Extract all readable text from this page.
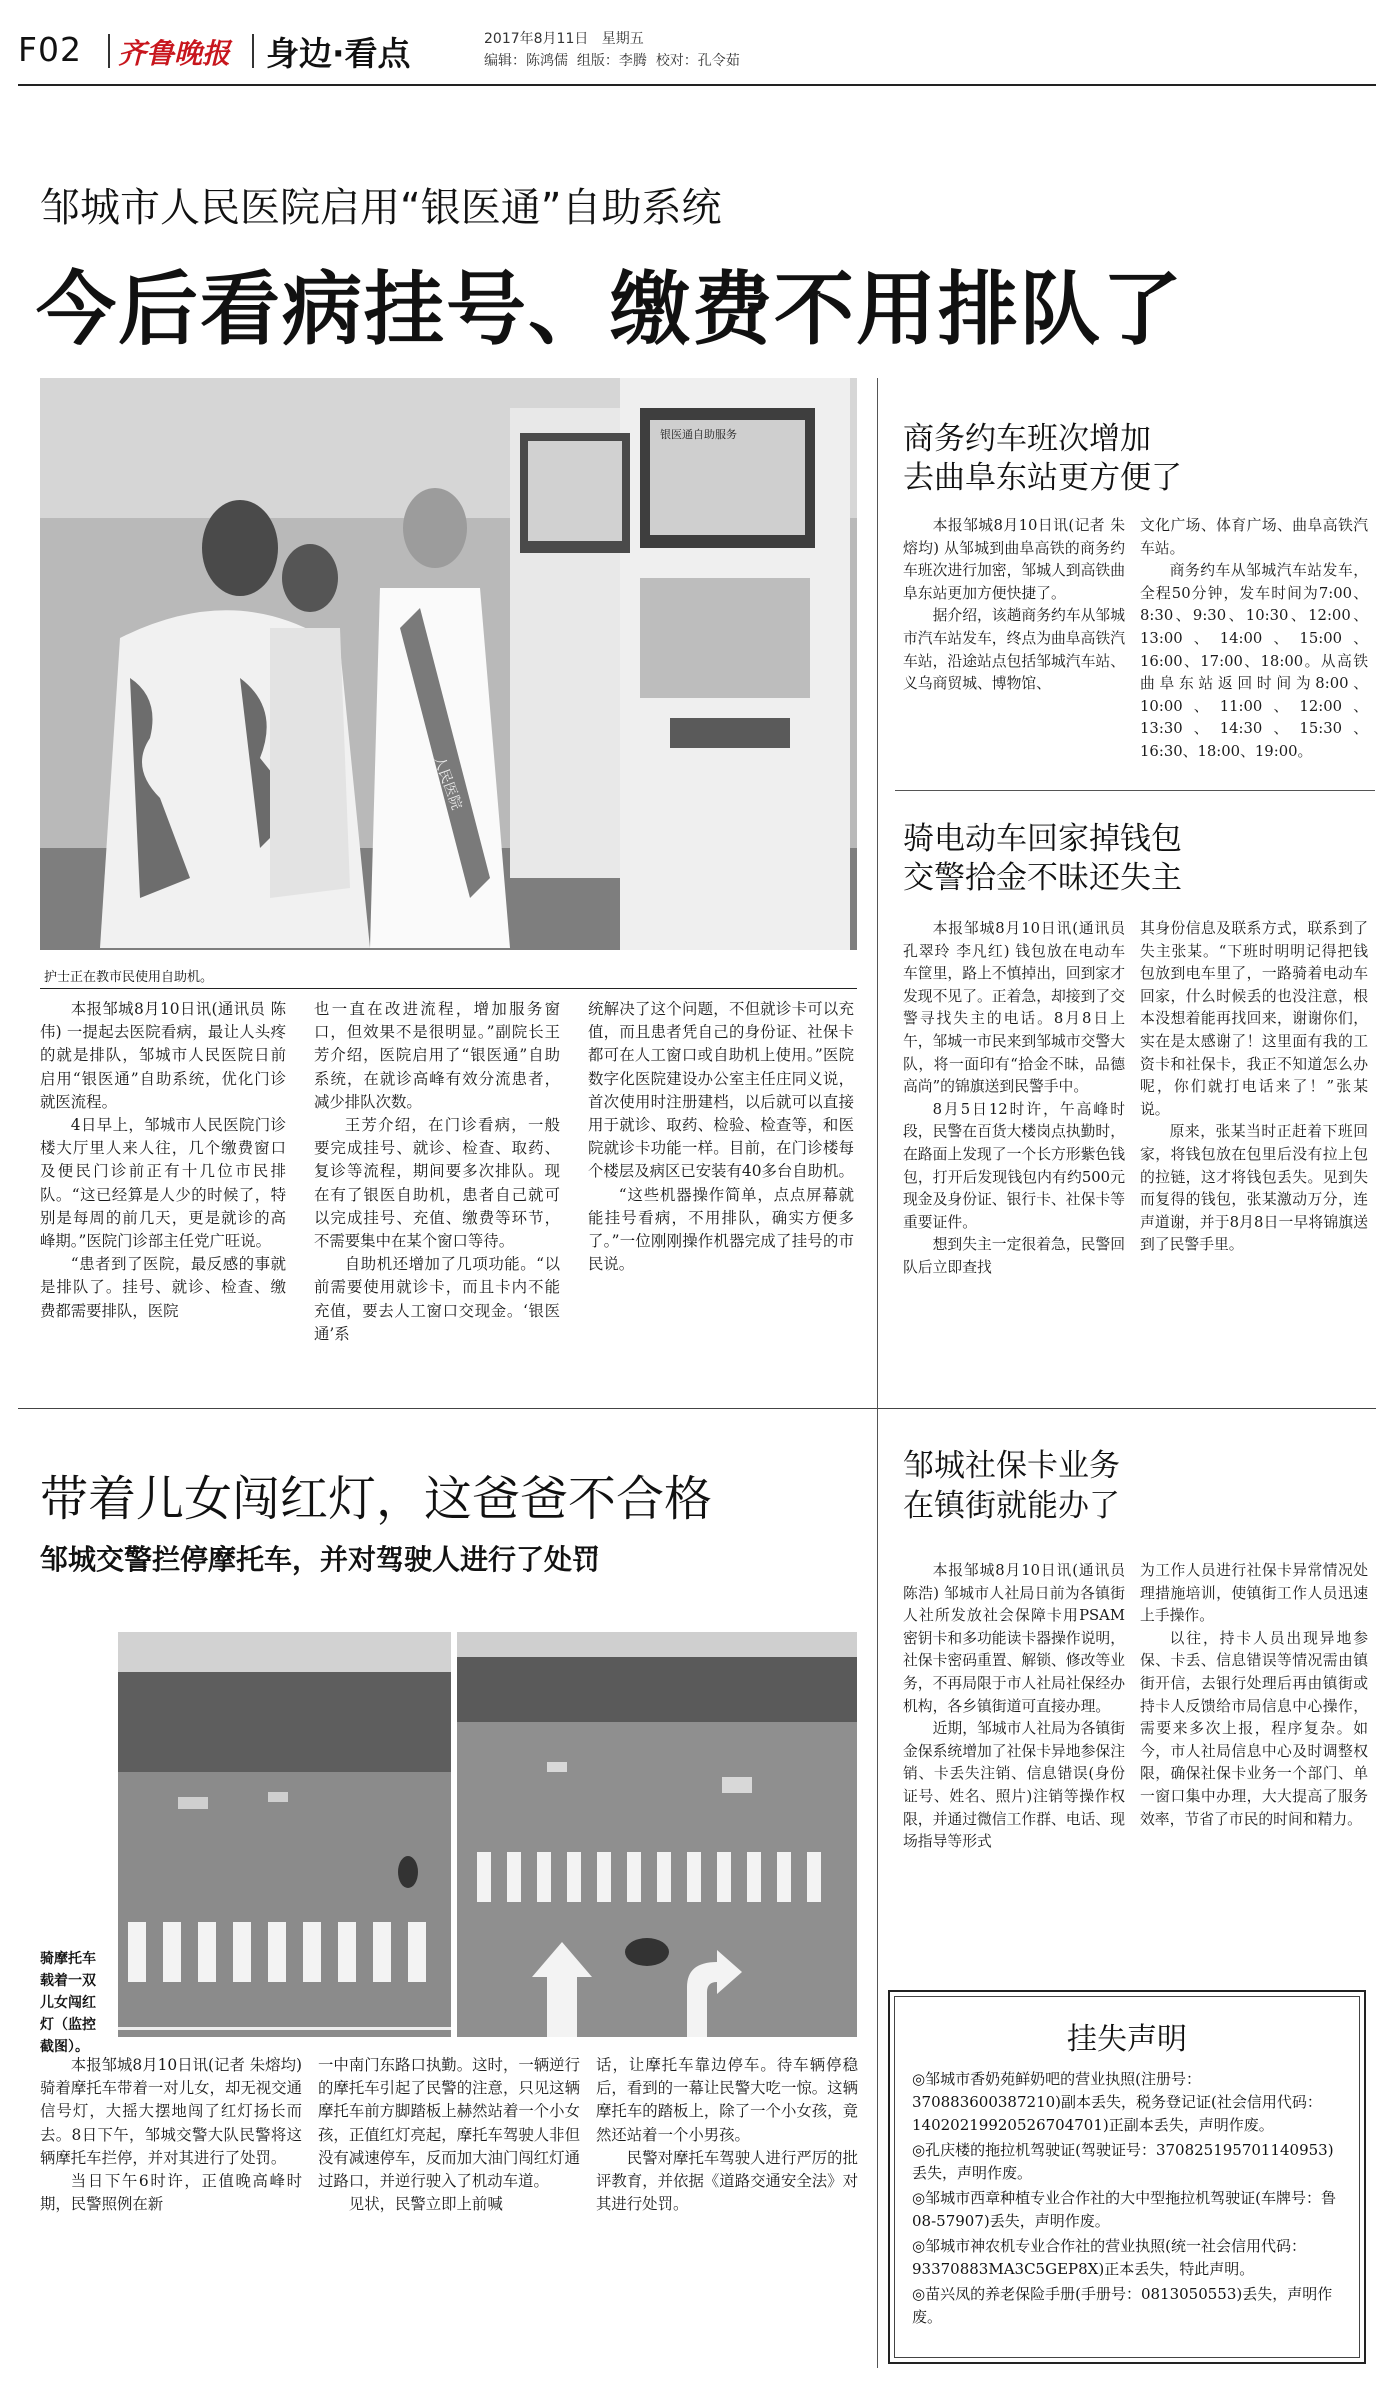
F02 齐鲁晚报 身边·看点	2017年8月11日 星期五
编辑：陈鸿儒 组版：李腾 校对：孔令茹
邹城市人民医院启用“银医通”自助系统
今后看病挂号、缴费不用排队了
银医通自助服务
人民医院
护士正在教市民使用自助机。

本报邹城8月10日讯(通讯员 陈伟) 一提起去医院看病，最让人头疼的就是排队，邹城市人民医院日前启用“银医通”自助系统，优化门诊就医流程。

4日早上，邹城市人民医院门诊楼大厅里人来人往，几个缴费窗口及便民门诊前正有十几位市民排队。“这已经算是人少的时候了，特别是每周的前几天，更是就诊的高峰期。”医院门诊部主任党广旺说。

“患者到了医院，最反感的事就是排队了。挂号、就诊、检查、缴费都需要排队，医院

也一直在改进流程，增加服务窗口，但效果不是很明显。”副院长王芳介绍，医院启用了“银医通”自助系统，在就诊高峰有效分流患者，减少排队次数。

王芳介绍，在门诊看病，一般要完成挂号、就诊、检查、取药、复诊等流程，期间要多次排队。现在有了银医自助机，患者自己就可以完成挂号、充值、缴费等环节，不需要集中在某个窗口等待。

自助机还增加了几项功能。“以前需要使用就诊卡，而且卡内不能充值，要去人工窗口交现金。‘银医通’系

统解决了这个问题，不但就诊卡可以充值，而且患者凭自己的身份证、社保卡都可在人工窗口或自助机上使用。”医院数字化医院建设办公室主任庄同义说，首次使用时注册建档，以后就可以直接用于就诊、取药、检验、检查等，和医院就诊卡功能一样。目前，在门诊楼每个楼层及病区已安装有40多台自助机。

“这些机器操作简单，点点屏幕就能挂号看病，不用排队，确实方便多了。”一位刚刚操作机器完成了挂号的市民说。

商务约车班次增加
去曲阜东站更方便了

本报邹城8月10日讯(记者 朱熔均) 从邹城到曲阜高铁的商务约车班次进行加密，邹城人到高铁曲阜东站更加方便快捷了。

据介绍，该趟商务约车从邹城市汽车站发车，终点为曲阜高铁汽车站，沿途站点包括邹城汽车站、义乌商贸城、博物馆、

文化广场、体育广场、曲阜高铁汽车站。

商务约车从邹城汽车站发车，全程50分钟，发车时间为7:00、8:30、9:30、10:30、12:00、13:00、14:00、15:00、16:00、17:00、18:00。从高铁曲阜东站返回时间为8:00、10:00、11:00、12:00、13:30、14:30、15:30、16:30、18:00、19:00。

骑电动车回家掉钱包
交警拾金不昧还失主

本报邹城8月10日讯(通讯员 孔翠玲 李凡红) 钱包放在电动车车筐里，路上不慎掉出，回到家才发现不见了。正着急，却接到了交警寻找失主的电话。8月8日上午，邹城一市民来到邹城市交警大队，将一面印有“拾金不昧，品德高尚”的锦旗送到民警手中。

8月5日12时许，午高峰时段，民警在百货大楼岗点执勤时，在路面上发现了一个长方形紫色钱包，打开后发现钱包内有约500元现金及身份证、银行卡、社保卡等重要证件。

想到失主一定很着急，民警回队后立即查找

其身份信息及联系方式，联系到了失主张某。“下班时明明记得把钱包放到电车里了，一路骑着电动车回家，什么时候丢的也没注意，根本没想着能再找回来，谢谢你们，实在是太感谢了！这里面有我的工资卡和社保卡，我正不知道怎么办呢，你们就打电话来了！”张某说。

原来，张某当时正赶着下班回家，将钱包放在包里后没有拉上包的拉链，这才将钱包丢失。见到失而复得的钱包，张某激动万分，连声道谢，并于8月8日一早将锦旗送到了民警手里。

带着儿女闯红灯，这爸爸不合格
邹城交警拦停摩托车，并对驾驶人进行了处罚
骑摩托车载着一双儿女闯红灯（监控截图）。

本报邹城8月10日讯(记者 朱熔均) 骑着摩托车带着一对儿女，却无视交通信号灯，大摇大摆地闯了红灯扬长而去。8日下午，邹城交警大队民警将这辆摩托车拦停，并对其进行了处罚。

当日下午6时许，正值晚高峰时期，民警照例在新

一中南门东路口执勤。这时，一辆逆行的摩托车引起了民警的注意，只见这辆摩托车前方脚踏板上赫然站着一个小女孩，正值红灯亮起，摩托车驾驶人非但没有减速停车，反而加大油门闯红灯通过路口，并逆行驶入了机动车道。

见状，民警立即上前喊

话，让摩托车靠边停车。待车辆停稳后，看到的一幕让民警大吃一惊。这辆摩托车的踏板上，除了一个小女孩，竟然还站着一个小男孩。

民警对摩托车驾驶人进行严厉的批评教育，并依据《道路交通安全法》对其进行处罚。

邹城社保卡业务
在镇街就能办了

本报邹城8月10日讯(通讯员 陈浩) 邹城市人社局日前为各镇街人社所发放社会保障卡用PSAM密钥卡和多功能读卡器操作说明，社保卡密码重置、解锁、修改等业务，不再局限于市人社局社保经办机构，各乡镇街道可直接办理。

近期，邹城市人社局为各镇街金保系统增加了社保卡异地参保注销、卡丢失注销、信息错误(身份证号、姓名、照片)注销等操作权限，并通过微信工作群、电话、现场指导等形式

为工作人员进行社保卡异常情况处理措施培训，使镇街工作人员迅速上手操作。

以往，持卡人员出现异地参保、卡丢、信息错误等情况需由镇街开信，去银行处理后再由镇街或持卡人反馈给市局信息中心操作，需要来多次上报，程序复杂。如今，市人社局信息中心及时调整权限，确保社保卡业务一个部门、单一窗口集中办理，大大提高了服务效率，节省了市民的时间和精力。

挂失声明

◎邹城市香奶苑鲜奶吧的营业执照(注册号：370883600387210)副本丢失，税务登记证(社会信用代码：14020219920526704701)正副本丢失，声明作废。

◎孔庆楼的拖拉机驾驶证(驾驶证号：370825195701140953)丢失，声明作废。

◎邹城市西章种植专业合作社的大中型拖拉机驾驶证(车牌号：鲁08-57907)丢失，声明作废。

◎邹城市神农机专业合作社的营业执照(统一社会信用代码：93370883MA3C5GEP8X)正本丢失，特此声明。

◎苗兴凤的养老保险手册(手册号：0813050553)丢失，声明作废。
